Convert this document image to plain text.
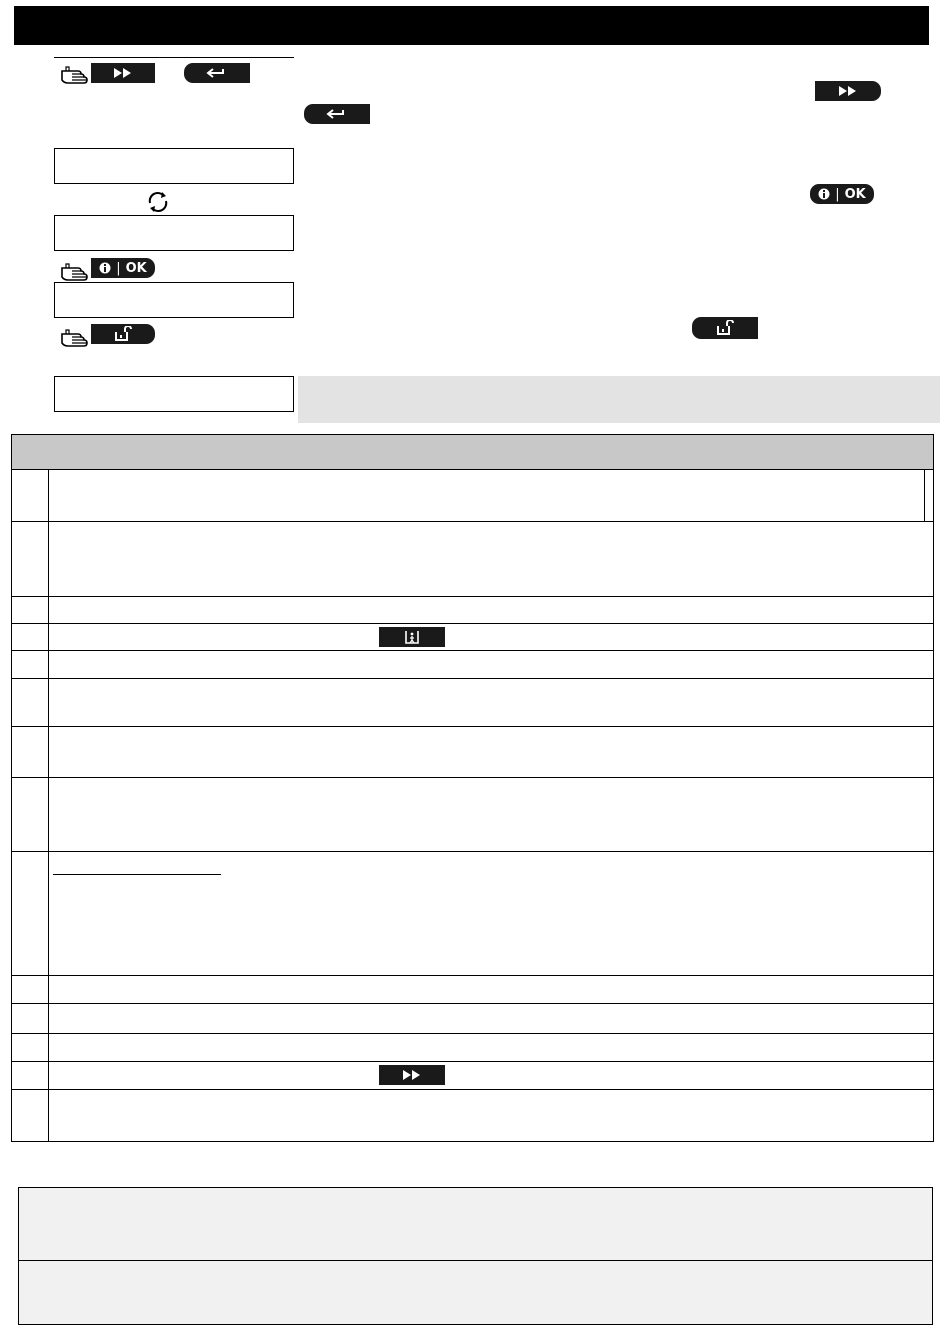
| OK
| OK
